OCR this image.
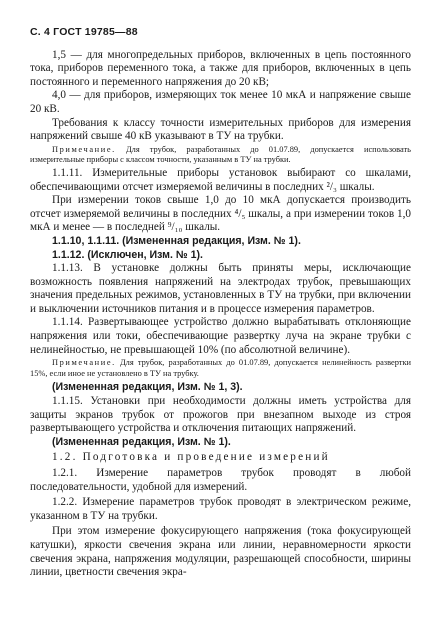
С. 4 ГОСТ 19785—88

1,5 — для многопредельных приборов, включенных в цепь постоянного тока, приборов переменного тока, а также для приборов, включенных в цепь постоянного и переменного напряжения до 20 кВ;

4,0 — для приборов, измеряющих ток менее 10 мкА и напряжение свыше 20 кВ.

Требования к классу точности измерительных приборов для измерения напряжений свыше 40 кВ указывают в ТУ на трубки.

Примечание. Для трубок, разработанных до 01.07.89, допускается использовать измерительные приборы с классом точности, указанным в ТУ на трубки.

1.1.11. Измерительные приборы установок выбирают со шкалами, обеспечивающими отсчет измеряемой величины в последних ²/₃ шкалы.

При измерении токов свыше 1,0 до 10 мкА допускается производить отсчет измеряемой величины в последних ⁴/₅ шкалы, а при измерении токов 1,0 мкА и менее — в последней ⁹/₁₀ шкалы.

1.1.10, 1.1.11. (Измененная редакция, Изм. № 1).

1.1.12. (Исключен, Изм. № 1).

1.1.13. В установке должны быть приняты меры, исключающие возможность появления напряжений на электродах трубок, превышающих значения предельных режимов, установленных в ТУ на трубки, при включении и выключении источников питания и в процессе измерения параметров.

1.1.14. Развертывающее устройство должно вырабатывать отклоняющие напряжения или токи, обеспечивающие развертку луча на экране трубки с нелинейностью, не превышающей 10% (по абсолютной величине).

Примечание. Для трубок, разработанных до 01.07.89, допускается нелинейность развертки 15%, если иное не установлено в ТУ на трубку.

(Измененная редакция, Изм. № 1, 3).

1.1.15. Установки при необходимости должны иметь устройства для защиты экранов трубок от прожогов при внезапном выходе из строя развертывающего устройства и отключения питающих напряжений.

(Измененная редакция, Изм. № 1).

1.2. Подготовка и проведение измерений

1.2.1. Измерение параметров трубок проводят в любой последовательности, удобной для измерений.

1.2.2. Измерение параметров трубок проводят в электрическом режиме, указанном в ТУ на трубки.

При этом измерение фокусирующего напряжения (тока фокусирующей катушки), яркости свечения экрана или линии, неравномерности яркости свечения экрана, напряжения модуляции, разрешающей способности, ширины линии, цветности свечения экра-
